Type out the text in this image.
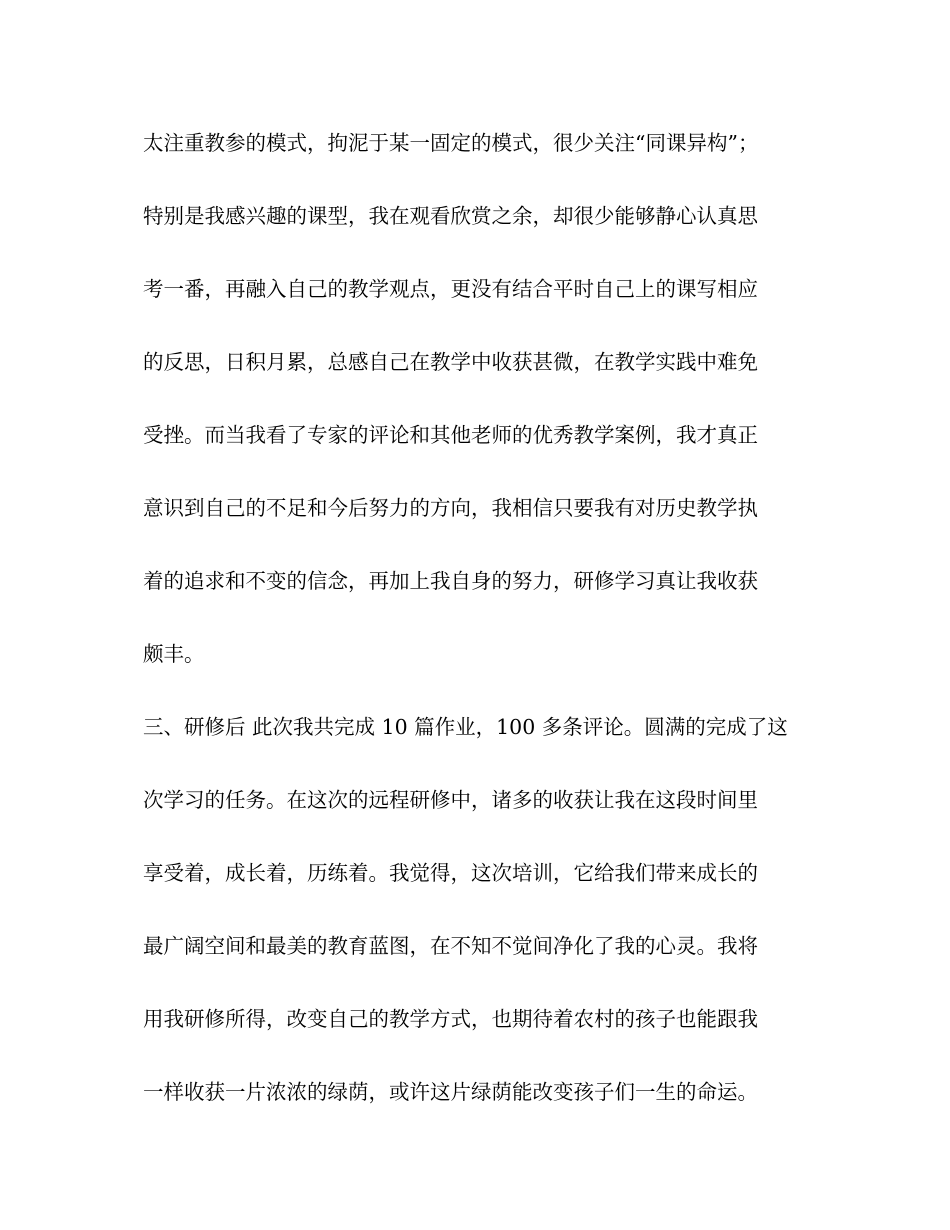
太注重教参的模式，拘泥于某一固定的模式，很少关注“同课异构”；
特别是我感兴趣的课型，我在观看欣赏之余，却很少能够静心认真思
考一番，再融入自己的教学观点，更没有结合平时自己上的课写相应
的反思，日积月累，总感自己在教学中收获甚微，在教学实践中难免
受挫。而当我看了专家的评论和其他老师的优秀教学案例，我才真正
意识到自己的不足和今后努力的方向，我相信只要我有对历史教学执
着的追求和不变的信念，再加上我自身的努力，研修学习真让我收获
颇丰。
三、研修后 此次我共完成 10 篇作业，100 多条评论。圆满的完成了这
次学习的任务。在这次的远程研修中，诸多的收获让我在这段时间里
享受着，成长着，历练着。我觉得，这次培训，它给我们带来成长的
最广阔空间和最美的教育蓝图，在不知不觉间净化了我的心灵。我将
用我研修所得，改变自己的教学方式，也期待着农村的孩子也能跟我
一样收获一片浓浓的绿荫，或许这片绿荫能改变孩子们一生的命运。
